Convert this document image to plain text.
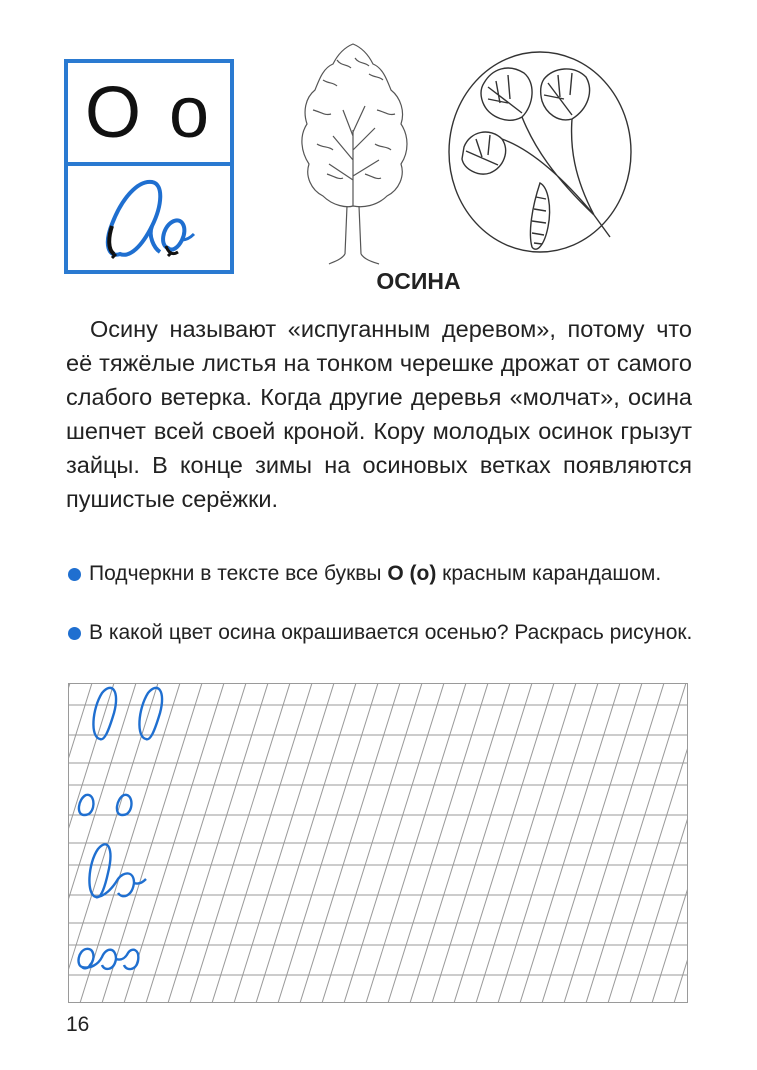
О о
ОСИНА
Осину называют «испуганным деревом», потому что её тяжёлые листья на тонком черешке дрожат от самого слабого ветерка. Когда другие деревья «молчат», осина шепчет всей своей кроной. Кору молодых осинок грызут зайцы. В конце зимы на осиновых ветках появляются пушистые серёжки.
Подчеркни в тексте все буквы О (о) красным карандашом.
В какой цвет осина окрашивается осенью? Раскрась рисунок.
16
